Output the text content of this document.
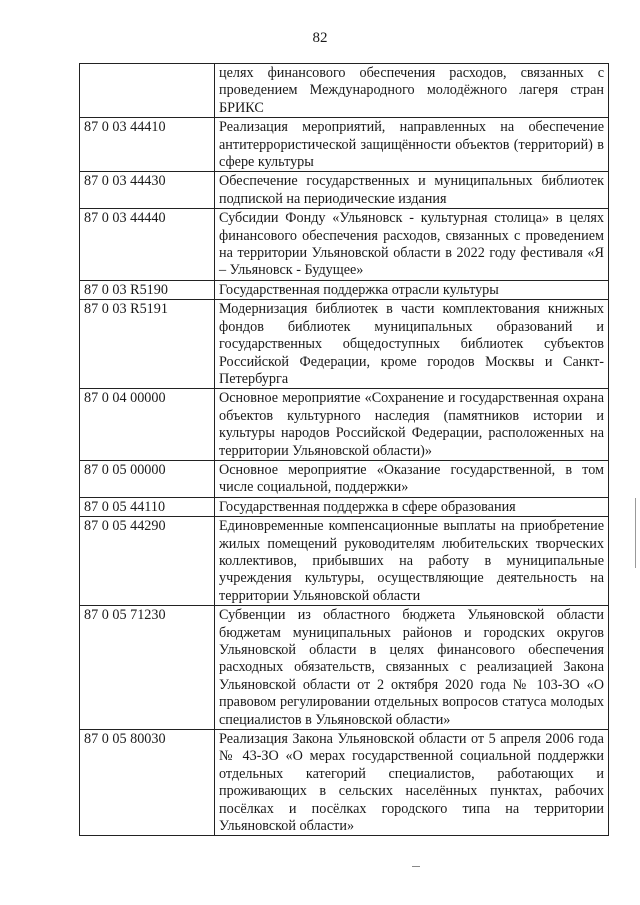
82
	целях финансового обеспечения расходов, связанных с проведением Международного молодёжного лагеря стран БРИКС
87 0 03 44410	Реализация мероприятий, направленных на обеспечение антитеррористической защищённости объектов (территорий) в сфере культуры
87 0 03 44430	Обеспечение государственных и муниципальных библиотек подпиской на периодические издания
87 0 03 44440	Субсидии Фонду «Ульяновск - культурная столица» в целях финансового обеспечения расходов, связанных с проведением на территории Ульяновской области в 2022 году фестиваля «Я – Ульяновск - Будущее»
87 0 03 R5190	Государственная поддержка отрасли культуры
87 0 03 R5191	Модернизация библиотек в части комплектования книжных фондов библиотек муниципальных образований и государственных общедоступных библиотек субъектов Российской Федерации, кроме городов Москвы и Санкт-Петербурга
87 0 04 00000	Основное мероприятие «Сохранение и государственная охрана объектов культурного наследия (памятников истории и культуры народов Российской Федерации, расположенных на территории Ульяновской области)»
87 0 05 00000	Основное мероприятие «Оказание государственной, в том числе социальной, поддержки»
87 0 05 44110	Государственная поддержка в сфере образования
87 0 05 44290	Единовременные компенсационные выплаты на приобретение жилых помещений руководителям любительских творческих коллективов, прибывших на работу в муниципальные учреждения культуры, осуществляющие деятельность на территории Ульяновской области
87 0 05 71230	Субвенции из областного бюджета Ульяновской области бюджетам муниципальных районов и городских округов Ульяновской области в целях финансового обеспечения расходных обязательств, связанных с реализацией Закона Ульяновской области от 2 октября 2020 года № 103-ЗО «О правовом регулировании отдельных вопросов статуса молодых специалистов в Ульяновской области»
87 0 05 80030	Реализация Закона Ульяновской области от 5 апреля 2006 года № 43-ЗО «О мерах государственной социальной поддержки отдельных категорий специалистов, работающих и проживающих в сельских населённых пунктах, рабочих посёлках и посёлках городского типа на территории Ульяновской области»
